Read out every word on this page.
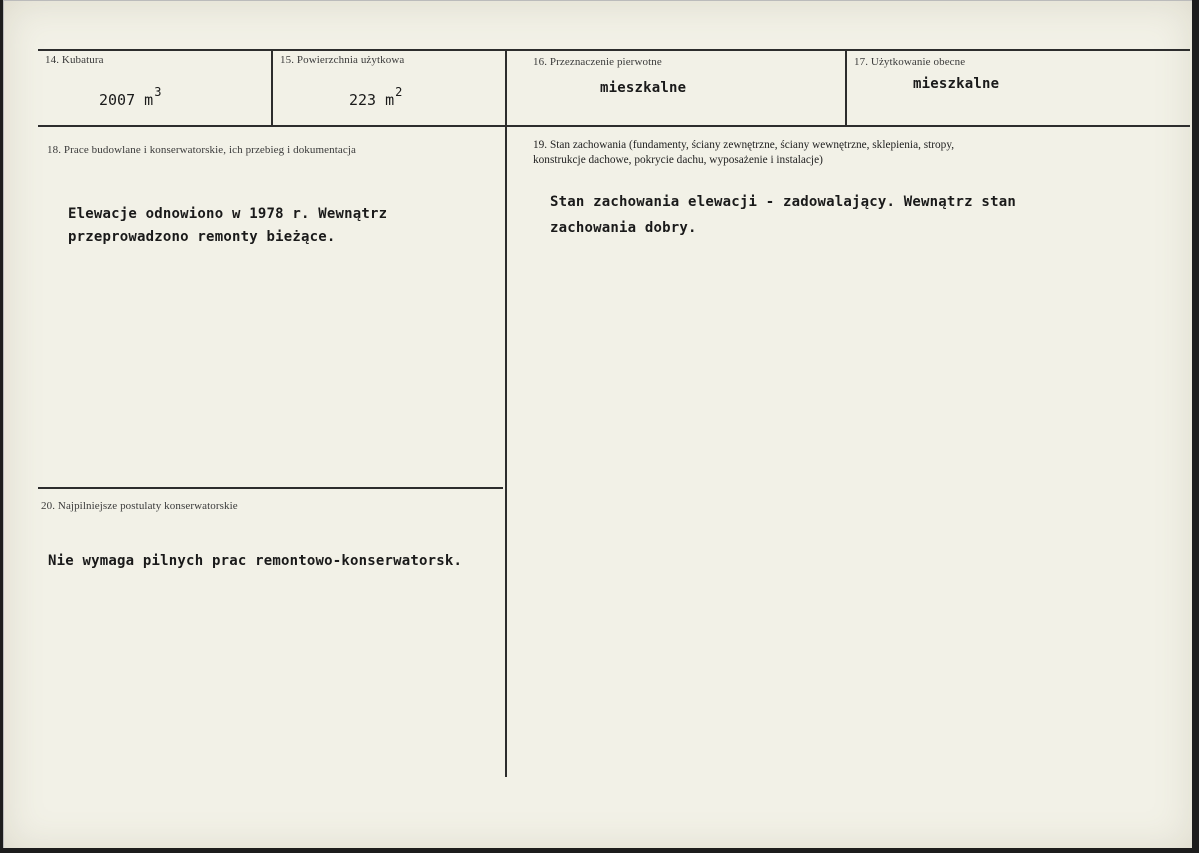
14. Kubatura
2007 $m^3$
15. Powierzchnia użytkowa
223 $m^2$
16. Przeznaczenie pierwotne
mieszkalne
17. Użytkowanie obecne
mieszkalne
18. Prace budowlane i konserwatorskie, ich przebieg i dokumentacja
Elewacje odnowiono w 1978 r. Wewnątrz
przeprowadzono remonty bieżące.
19. Stan zachowania (fundamenty, ściany zewnętrzne, ściany wewnętrzne, sklepienia, stropy,
konstrukcje dachowe, pokrycie dachu, wyposażenie i instalacje)
Stan zachowania elewacji - zadowalający. Wewnątrz stan
zachowania dobry.
20. Najpilniejsze postulaty konserwatorskie
Nie wymaga pilnych prac remontowo-konserwatorsk.
